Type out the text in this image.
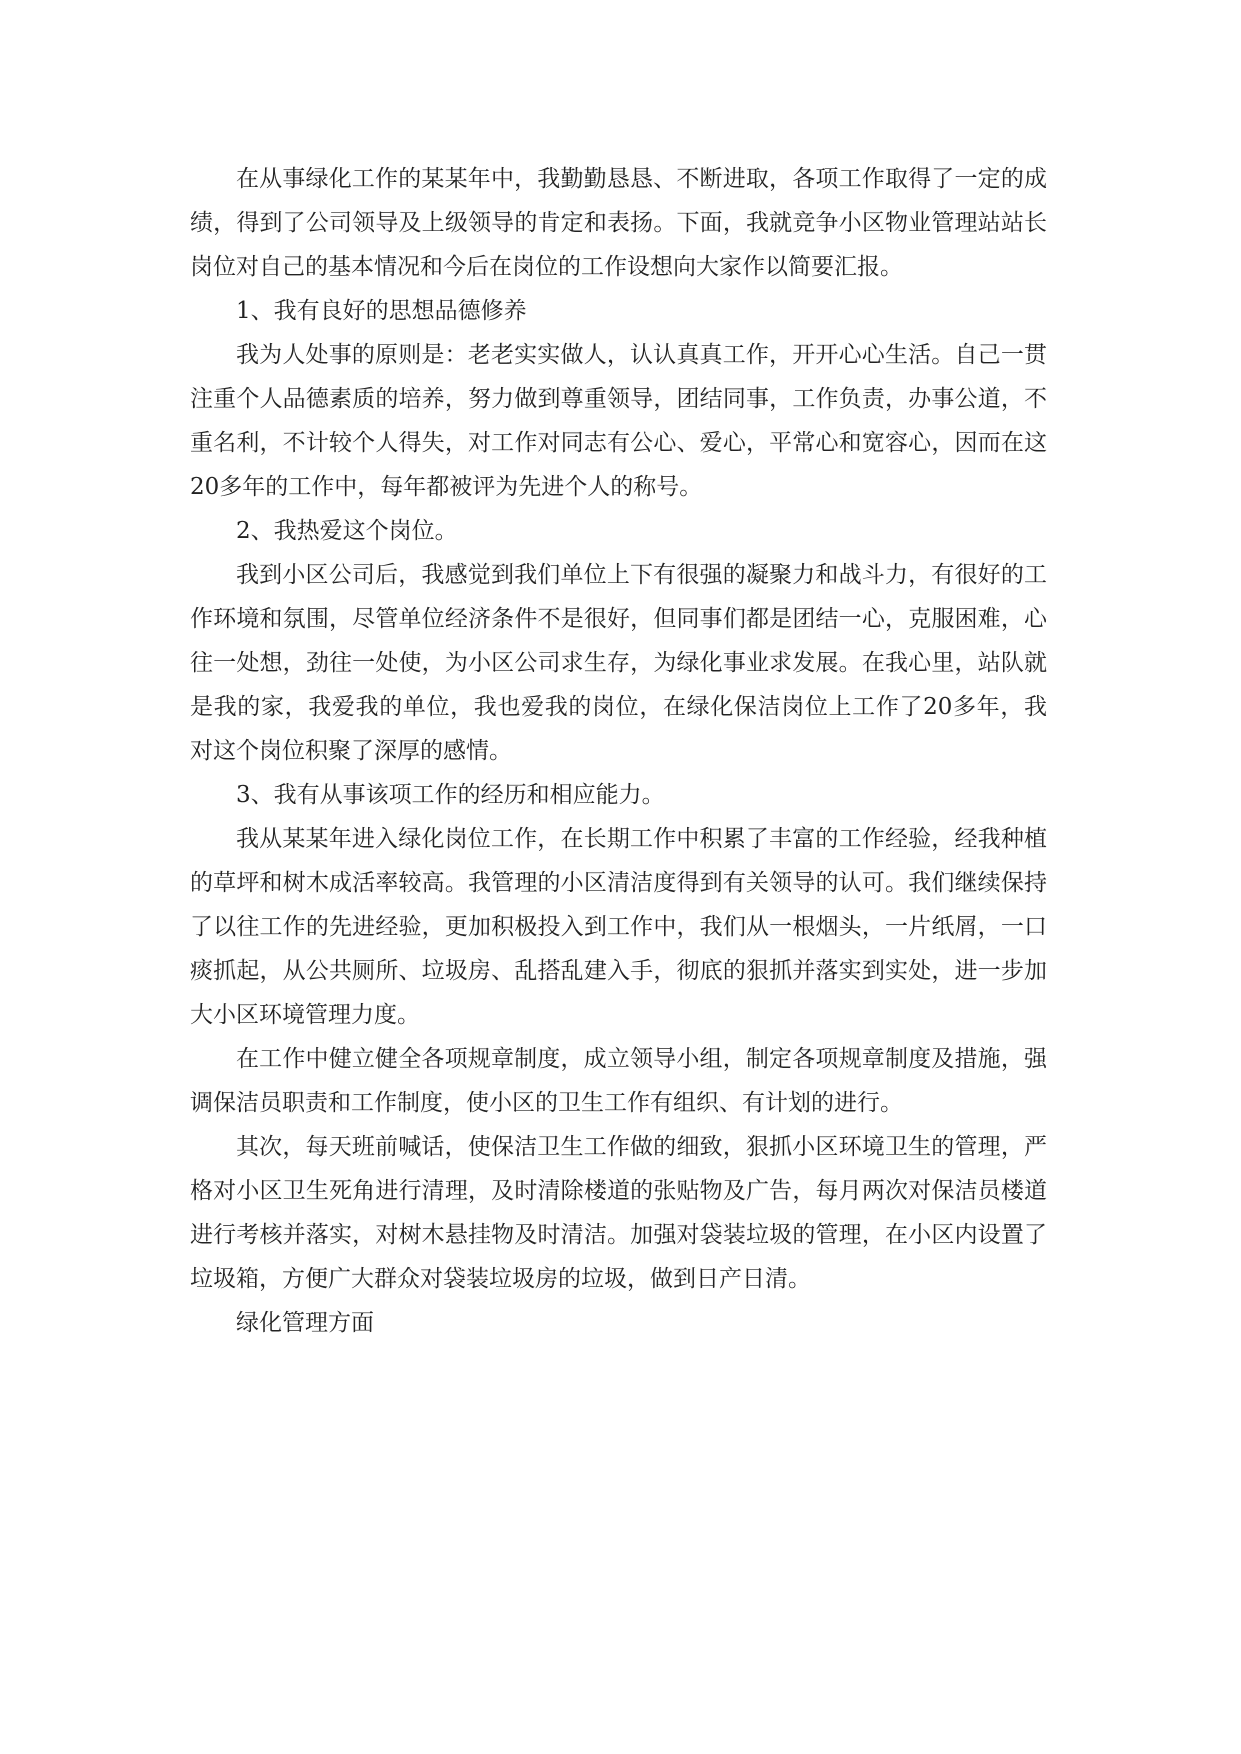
在从事绿化工作的某某年中，我勤勤恳恳、不断进取，各项工作取得了一定的成绩，得到了公司领导及上级领导的肯定和表扬。下面，我就竞争小区物业管理站站长岗位对自己的基本情况和今后在岗位的工作设想向大家作以简要汇报。

1、我有良好的思想品德修养

我为人处事的原则是：老老实实做人，认认真真工作，开开心心生活。自己一贯注重个人品德素质的培养，努力做到尊重领导，团结同事，工作负责，办事公道，不重名利，不计较个人得失，对工作对同志有公心、爱心，平常心和宽容心，因而在这20多年的工作中，每年都被评为先进个人的称号。

2、我热爱这个岗位。

我到小区公司后，我感觉到我们单位上下有很强的凝聚力和战斗力，有很好的工作环境和氛围，尽管单位经济条件不是很好，但同事们都是团结一心，克服困难，心往一处想，劲往一处使，为小区公司求生存，为绿化事业求发展。在我心里，站队就是我的家，我爱我的单位，我也爱我的岗位，在绿化保洁岗位上工作了20多年，我对这个岗位积聚了深厚的感情。

3、我有从事该项工作的经历和相应能力。

我从某某年进入绿化岗位工作，在长期工作中积累了丰富的工作经验，经我种植的草坪和树木成活率较高。我管理的小区清洁度得到有关领导的认可。我们继续保持了以往工作的先进经验，更加积极投入到工作中，我们从一根烟头，一片纸屑，一口痰抓起，从公共厕所、垃圾房、乱搭乱建入手，彻底的狠抓并落实到实处，进一步加大小区环境管理力度。

在工作中健立健全各项规章制度，成立领导小组，制定各项规章制度及措施，强调保洁员职责和工作制度，使小区的卫生工作有组织、有计划的进行。

其次，每天班前喊话，使保洁卫生工作做的细致，狠抓小区环境卫生的管理，严格对小区卫生死角进行清理，及时清除楼道的张贴物及广告，每月两次对保洁员楼道进行考核并落实，对树木悬挂物及时清洁。加强对袋装垃圾的管理，在小区内设置了垃圾箱，方便广大群众对袋装垃圾房的垃圾，做到日产日清。

绿化管理方面
